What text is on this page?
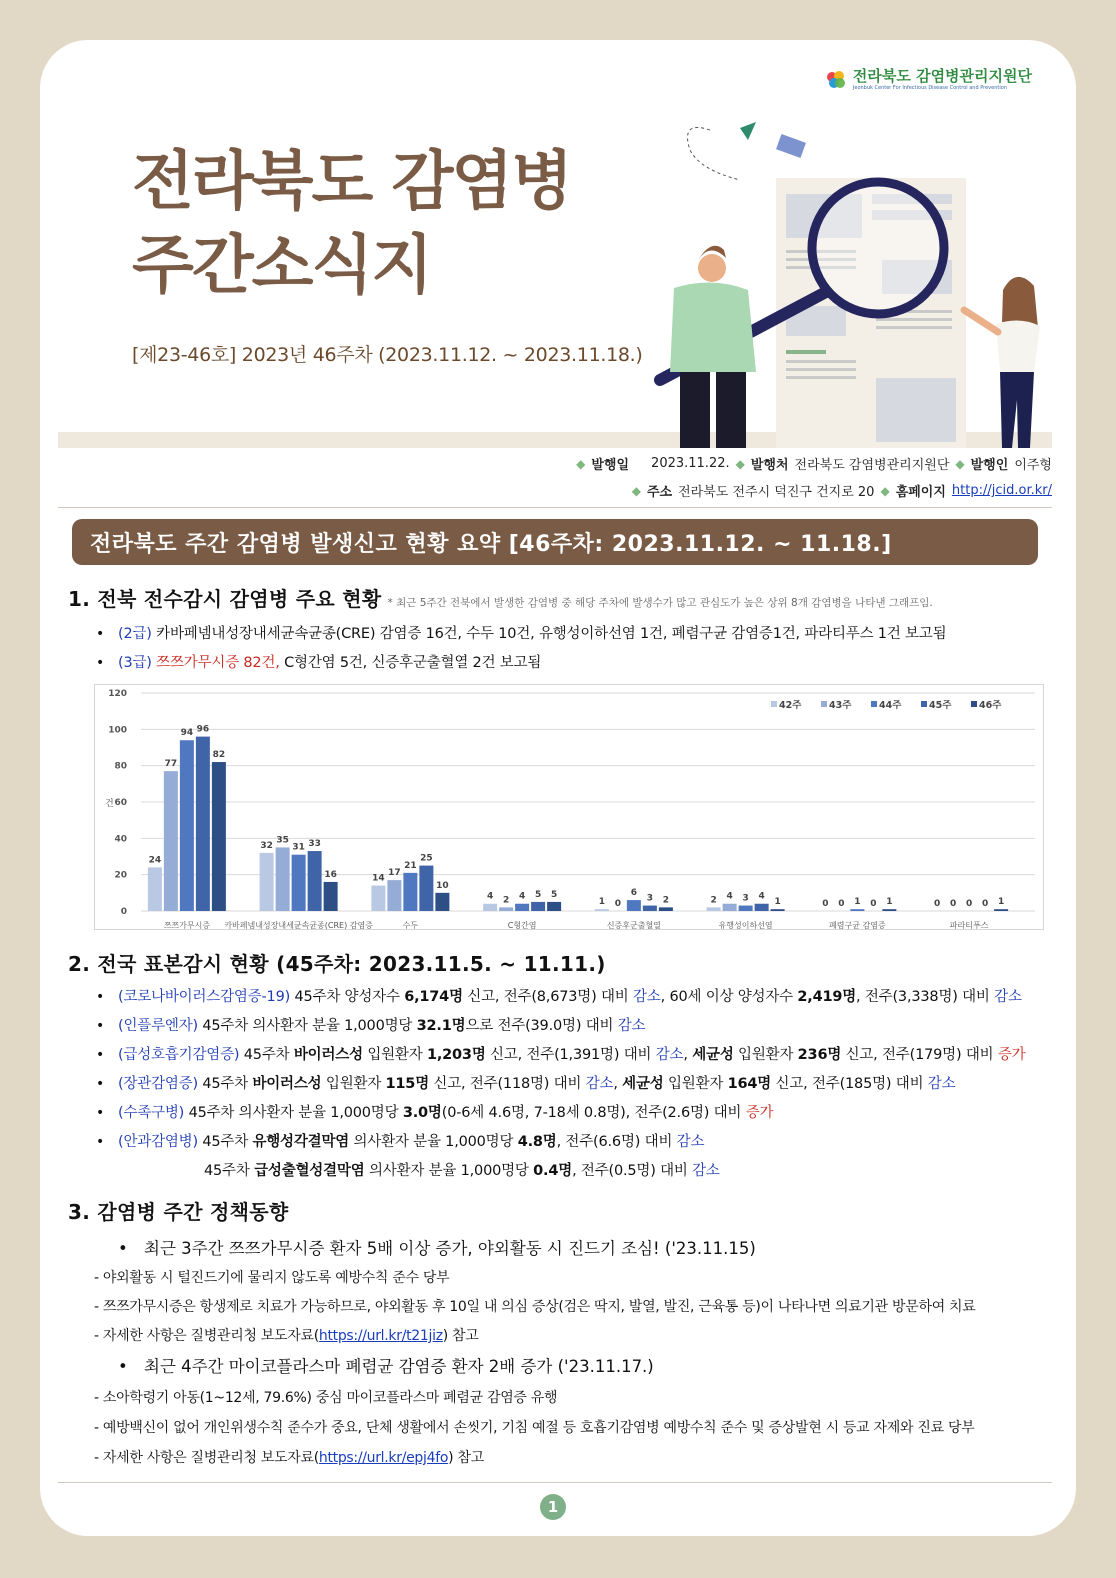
전라북도 감염병관리지원단
Jeonbuk Center For Infectious Disease Control and Prevention
전라북도 감염병
주간소식지
[제23-46호] 2023년 46주차 (2023.11.12. ~ 2023.11.18.)
◆ 발행일 2023.11.22. ◆ 발행처 전라북도 감염병관리지원단 ◆ 발행인 이주형
◆ 주소 전라북도 전주시 덕진구 건지로 20 ◆ 홈페이지 http://jcid.or.kr/
전라북도 주간 감염병 발생신고 현황 요약 [46주차: 2023.11.12. ~ 11.18.]
1. 전북 전수감시 감염병 주요 현황 * 최근 5주간 전북에서 발생한 감염병 중 해당 주차에 발생수가 많고 관심도가 높은 상위 8개 감염병을 나타낸 그래프임.
• (2급) 카바페넴내성장내세균속균종(CRE) 감염증 16건, 수두 10건, 유행성이하선염 1건, 폐렴구균 감염증1건, 파라티푸스 1건 보고됨
• (3급) 쯔쯔가무시증 82건, C형간염 5건, 신증후군출혈열 2건 보고됨
0
20
40
60
80
100
120
건
24
77
94 96
82
쯔쯔가무시증
32
35
31 33
16
카바페넴내성장내세균속균종(CRE) 감염증
14
17
21
25
10
수두
4 2 4 5 5
C형간염
1 0
6
3 2
신증후군출혈열
2 4 3 4
1
유행성이하선염
0 0 1 0 1
폐렴구균 감염증
0 0 0 0 1
파라티푸스
42주	43주	44주	45주	46주
2. 전국 표본감시 현황 (45주차: 2023.11.5. ~ 11.11.)
• (코로나바이러스감염증-19) 45주차 양성자수 6,174명 신고, 전주(8,673명) 대비 감소, 60세 이상 양성자수 2,419명, 전주(3,338명) 대비 감소
• (인플루엔자) 45주차 의사환자 분율 1,000명당 32.1명으로 전주(39.0명) 대비 감소
• (급성호흡기감염증) 45주차 바이러스성 입원환자 1,203명 신고, 전주(1,391명) 대비 감소, 세균성 입원환자 236명 신고, 전주(179명) 대비 증가
• (장관감염증) 45주차 바이러스성 입원환자 115명 신고, 전주(118명) 대비 감소, 세균성 입원환자 164명 신고, 전주(185명) 대비 감소
• (수족구병) 45주차 의사환자 분율 1,000명당 3.0명(0-6세 4.6명, 7-18세 0.8명), 전주(2.6명) 대비 증가
• (안과감염병) 45주차 유행성각결막염 의사환자 분율 1,000명당 4.8명, 전주(6.6명) 대비 감소
45주차 급성출혈성결막염 의사환자 분율 1,000명당 0.4명, 전주(0.5명) 대비 감소
3. 감염병 주간 정책동향
• 최근 3주간 쯔쯔가무시증 환자 5배 이상 증가, 야외활동 시 진드기 조심! ('23.11.15)
- 야외활동 시 털진드기에 물리지 않도록 예방수칙 준수 당부
- 쯔쯔가무시증은 항생제로 치료가 가능하므로, 야외활동 후 10일 내 의심 증상(검은 딱지, 발열, 발진, 근육통 등)이 나타나면 의료기관 방문하여 치료
- 자세한 사항은 질병관리청 보도자료(https://url.kr/t21jiz) 참고
• 최근 4주간 마이코플라스마 폐렴균 감염증 환자 2배 증가 ('23.11.17.)
- 소아학령기 아동(1~12세, 79.6%) 중심 마이코플라스마 폐렴균 감염증 유행
- 예방백신이 없어 개인위생수칙 준수가 중요, 단체 생활에서 손씻기, 기침 예절 등 호흡기감염병 예방수칙 준수 및 증상발현 시 등교 자제와 진료 당부
- 자세한 사항은 질병관리청 보도자료(https://url.kr/epj4fo) 참고
1
